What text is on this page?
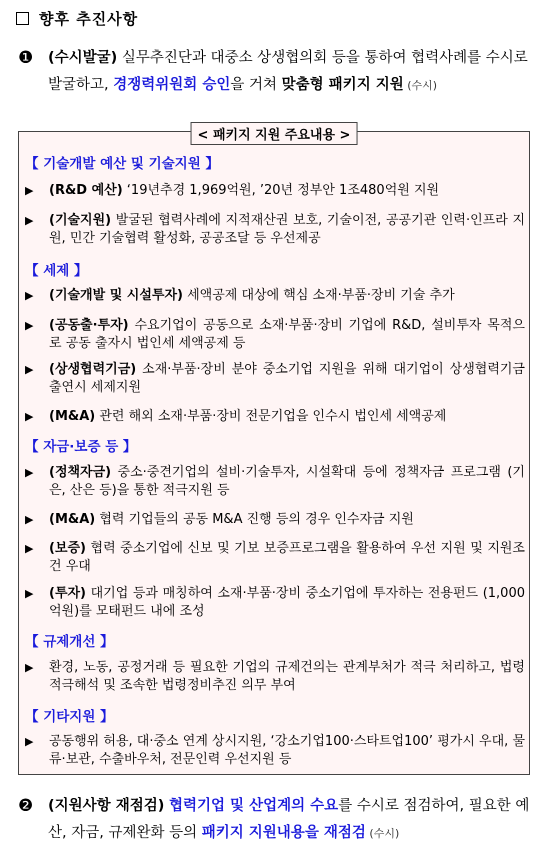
향후 추진사항
❶	(수시발굴) 실무추진단과 대중소 상생협의회 등을 통하여 협력사례를 수시로 발굴하고, 경쟁력위원회 승인을 거쳐 맞춤형 패키지 지원 (수시)
< 패키지 지원 주요내용 >
【 기술개발 예산 및 기술지원 】
▶	(R&D 예산) ‘19년추경 1,969억원, ’20년 정부안 1조480억원 지원
▶	(기술지원) 발굴된 협력사례에 지적재산권 보호, 기술이전, 공공기관 인력·인프라 지원, 민간 기술협력 활성화, 공공조달 등 우선제공
【 세제 】
▶	(기술개발 및 시설투자) 세액공제 대상에 핵심 소재·부품·장비 기술 추가
▶	(공동출·투자) 수요기업이 공동으로 소재·부품·장비 기업에 R&D, 설비투자 목적으로 공동 출자시 법인세 세액공제 등
▶	(상생협력기금) 소재·부품·장비 분야 중소기업 지원을 위해 대기업이 상생협력기금 출연시 세제지원
▶	(M&A) 관련 해외 소재·부품·장비 전문기업을 인수시 법인세 세액공제
【 자금·보증 등 】
▶	(정책자금) 중소·중견기업의 설비·기술투자, 시설확대 등에 정책자금 프로그램 (기은, 산은 등)을 통한 적극지원 등
▶	(M&A) 협력 기업들의 공동 M&A 진행 등의 경우 인수자금 지원
▶	(보증) 협력 중소기업에 신보 및 기보 보증프로그램을 활용하여 우선 지원 및 지원조건 우대
▶	(투자) 대기업 등과 매칭하여 소재·부품·장비 중소기업에 투자하는 전용펀드 (1,000억원)를 모태펀드 내에 조성
【 규제개선 】
▶	환경, 노동, 공정거래 등 필요한 기업의 규제건의는 관계부처가 적극 처리하고, 법령 적극해석 및 조속한 법령정비추진 의무 부여
【 기타지원 】
▶	공동행위 허용, 대·중소 연계 상시지원, ‘강소기업100·스타트업100’ 평가시 우대, 물류·보관, 수출바우처, 전문인력 우선지원 등
❷	(지원사항 재점검) 협력기업 및 산업계의 수요를 수시로 점검하여, 필요한 예산, 자금, 규제완화 등의 패키지 지원내용을 재점검 (수시)
